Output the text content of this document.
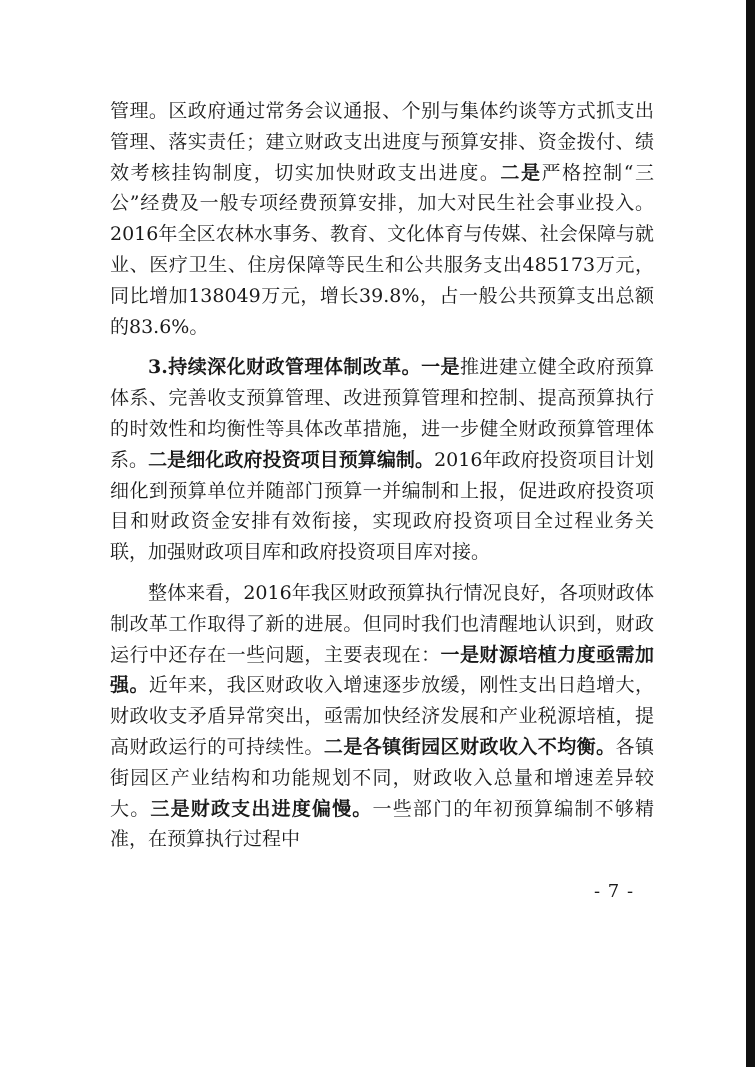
管理。区政府通过常务会议通报、个别与集体约谈等方式抓支出管理、落实责任；建立财政支出进度与预算安排、资金拨付、绩效考核挂钩制度，切实加快财政支出进度。二是严格控制“三公”经费及一般专项经费预算安排，加大对民生社会事业投入。2016年全区农林水事务、教育、文化体育与传媒、社会保障与就业、医疗卫生、住房保障等民生和公共服务支出485173万元，同比增加138049万元，增长39.8%，占一般公共预算支出总额的83.6%。

3.持续深化财政管理体制改革。一是推进建立健全政府预算体系、完善收支预算管理、改进预算管理和控制、提高预算执行的时效性和均衡性等具体改革措施，进一步健全财政预算管理体系。二是细化政府投资项目预算编制。2016年政府投资项目计划细化到预算单位并随部门预算一并编制和上报，促进政府投资项目和财政资金安排有效衔接，实现政府投资项目全过程业务关联，加强财政项目库和政府投资项目库对接。

整体来看，2016年我区财政预算执行情况良好，各项财政体制改革工作取得了新的进展。但同时我们也清醒地认识到，财政运行中还存在一些问题，主要表现在：一是财源培植力度亟需加强。近年来，我区财政收入增速逐步放缓，刚性支出日趋增大，财政收支矛盾异常突出，亟需加快经济发展和产业税源培植，提高财政运行的可持续性。二是各镇街园区财政收入不均衡。各镇街园区产业结构和功能规划不同，财政收入总量和增速差异较大。三是财政支出进度偏慢。一些部门的年初预算编制不够精准，在预算执行过程中

- 7 -
